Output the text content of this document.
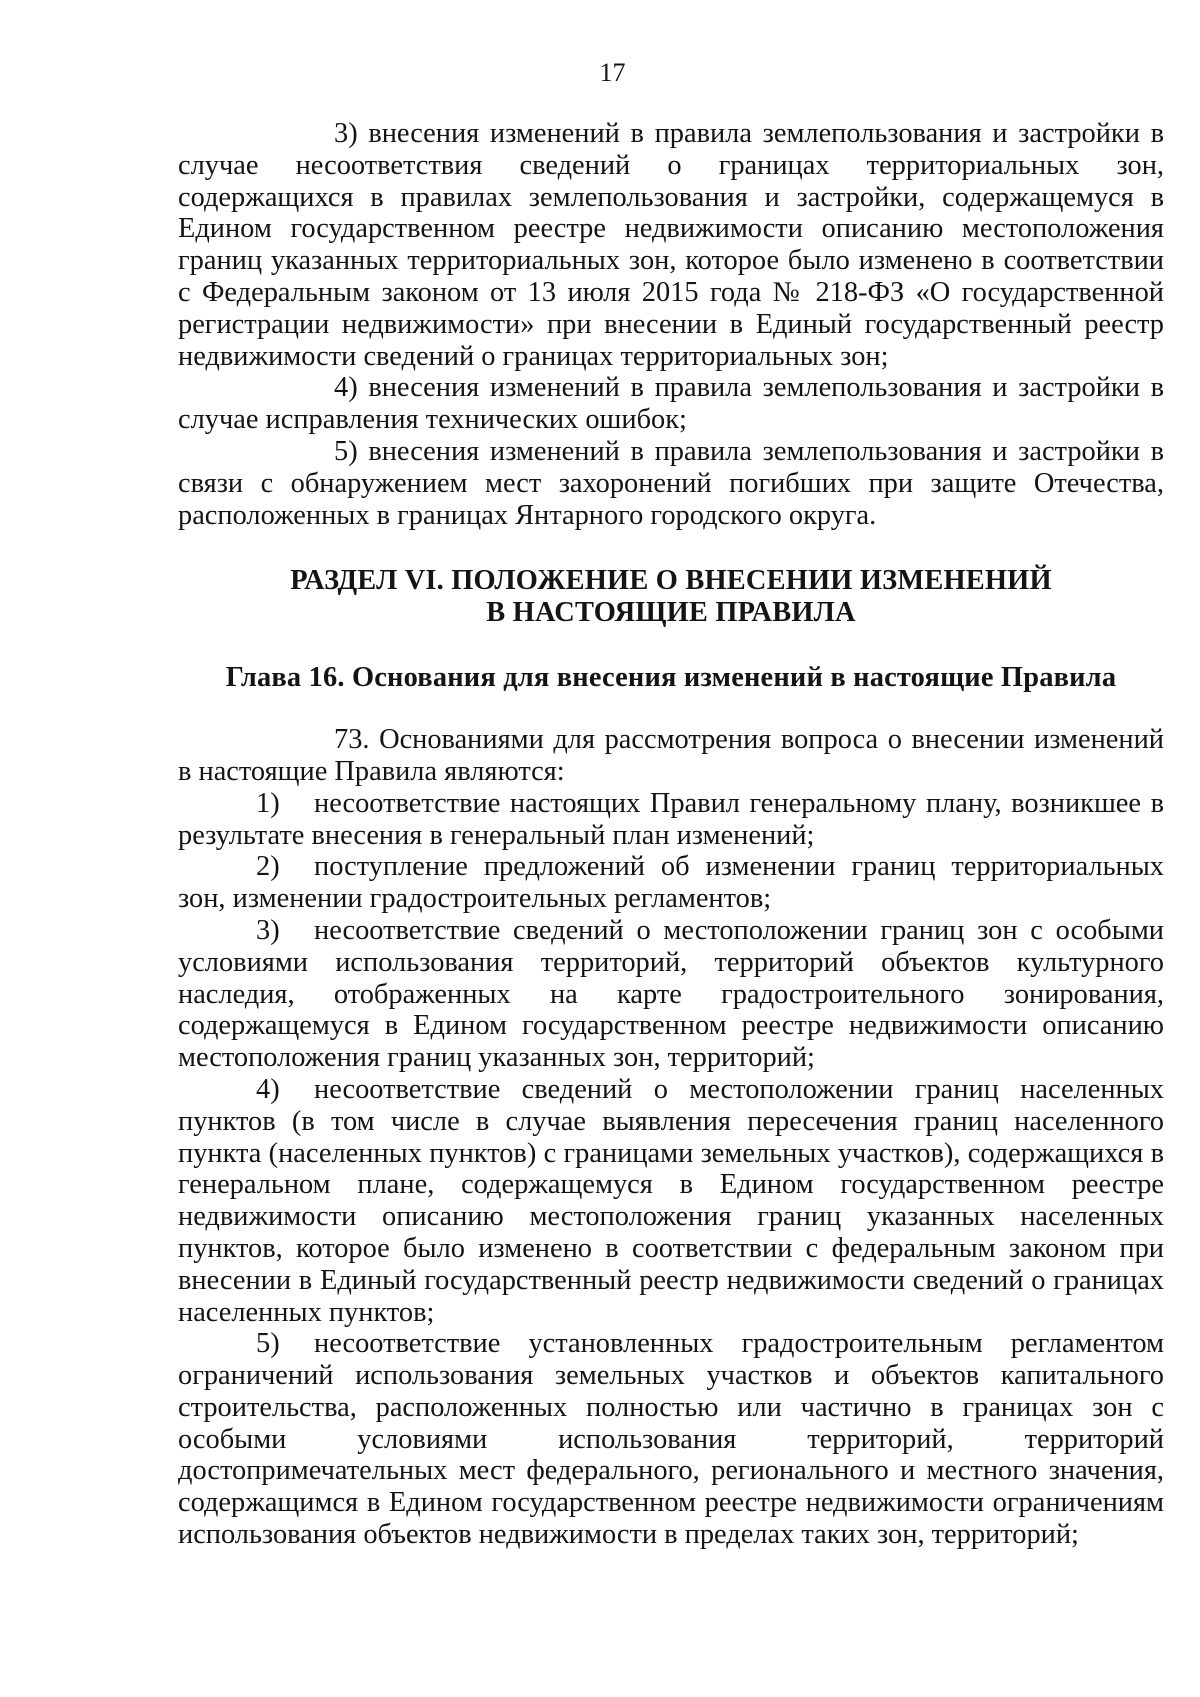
17

3) внесения изменений в правила землепользования и застройки в случае несоответствия сведений о границах территориальных зон, содержащихся в правилах землепользования и застройки, содержащемуся в Едином государственном реестре недвижимости описанию местоположения границ указанных территориальных зон, которое было изменено в соответствии с Федеральным законом от 13 июля 2015 года № 218-ФЗ «О государственной регистрации недвижимости» при внесении в Единый государственный реестр недвижимости сведений о границах территориальных зон;

4) внесения изменений в правила землепользования и застройки в случае исправления технических ошибок;

5) внесения изменений в правила землепользования и застройки в связи с обнаружением мест захоронений погибших при защите Отечества, расположенных в границах Янтарного городского округа.

РАЗДЕЛ VI. ПОЛОЖЕНИЕ О ВНЕСЕНИИ ИЗМЕНЕНИЙ
В НАСТОЯЩИЕ ПРАВИЛА
Глава 16. Основания для внесения изменений в настоящие Правила

73. Основаниями для рассмотрения вопроса о внесении изменений в настоящие Правила являются:

1) несоответствие настоящих Правил генеральному плану, возникшее в результате внесения в генеральный план изменений;

2) поступление предложений об изменении границ территориальных зон, изменении градостроительных регламентов;

3) несоответствие сведений о местоположении границ зон с особыми условиями использования территорий, территорий объектов культурного наследия, отображенных на карте градостроительного зонирования, содержащемуся в Едином государственном реестре недвижимости описанию местоположения границ указанных зон, территорий;

4) несоответствие сведений о местоположении границ населенных пунктов (в том числе в случае выявления пересечения границ населенного пункта (населенных пунктов) с границами земельных участков), содержащихся в генеральном плане, содержащемуся в Едином государственном реестре недвижимости описанию местоположения границ указанных населенных пунктов, которое было изменено в соответствии с федеральным законом при внесении в Единый государственный реестр недвижимости сведений о границах населенных пунктов;

5) несоответствие установленных градостроительным регламентом ограничений использования земельных участков и объектов капитального строительства, расположенных полностью или частично в границах зон с особыми условиями использования территорий, территорий достопримечательных мест федерального, регионального и местного значения, содержащимся в Едином государственном реестре недвижимости ограничениям использования объектов недвижимости в пределах таких зон, территорий;
